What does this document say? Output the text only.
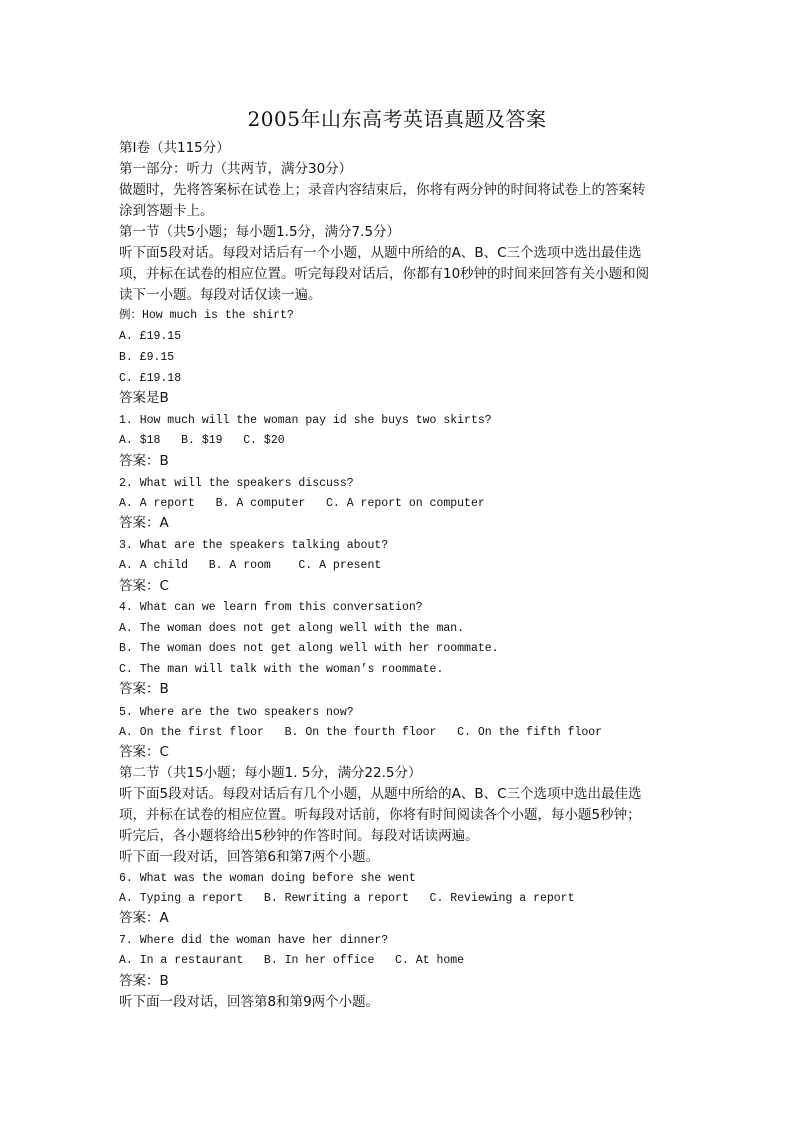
2005年山东高考英语真题及答案
第Ⅰ卷（共115分）
第一部分：听力（共两节，满分30分）
做题时，先将答案标在试卷上；录音内容结束后，你将有两分钟的时间将试卷上的答案转
涂到答题卡上。
第一节（共5小题；每小题1.5分，满分7.5分）
听下面5段对话。每段对话后有一个小题，从题中所给的A、B、C三个选项中选出最佳选
项，并标在试卷的相应位置。听完每段对话后，你都有10秒钟的时间来回答有关小题和阅
读下一小题。每段对话仅读一遍。
例：How much is the shirt?
A. £19.15
B. £9.15
C. £19.18
答案是B
1. How much will the woman pay id she buys two skirts?
A. $18   B. $19   C. $20
答案：B
2. What will the speakers discuss?
A. A report   B. A computer   C. A report on computer
答案：A
3. What are the speakers talking about?
A. A child   B. A room    C. A present
答案：C
4. What can we learn from this conversation?
A. The woman does not get along well with the man.
B. The woman does not get along well with her roommate.
C. The man will talk with the woman’s roommate.
答案：B
5. Where are the two speakers now?
A. On the first floor   B. On the fourth floor   C. On the fifth floor
答案：C
第二节（共15小题；每小题1. 5分，满分22.5分）
听下面5段对话。每段对话后有几个小题，从题中所给的A、B、C三个选项中选出最佳选
项，并标在试卷的相应位置。听每段对话前，你将有时间阅读各个小题，每小题5秒钟；
听完后，各小题将给出5秒钟的作答时间。每段对话读两遍。
听下面一段对话，回答第6和第7两个小题。
6. What was the woman doing before she went
A. Typing a report   B. Rewriting a report   C. Reviewing a report
答案：A
7. Where did the woman have her dinner?
A. In a restaurant   B. In her office   C. At home
答案：B
听下面一段对话，回答第8和第9两个小题。
